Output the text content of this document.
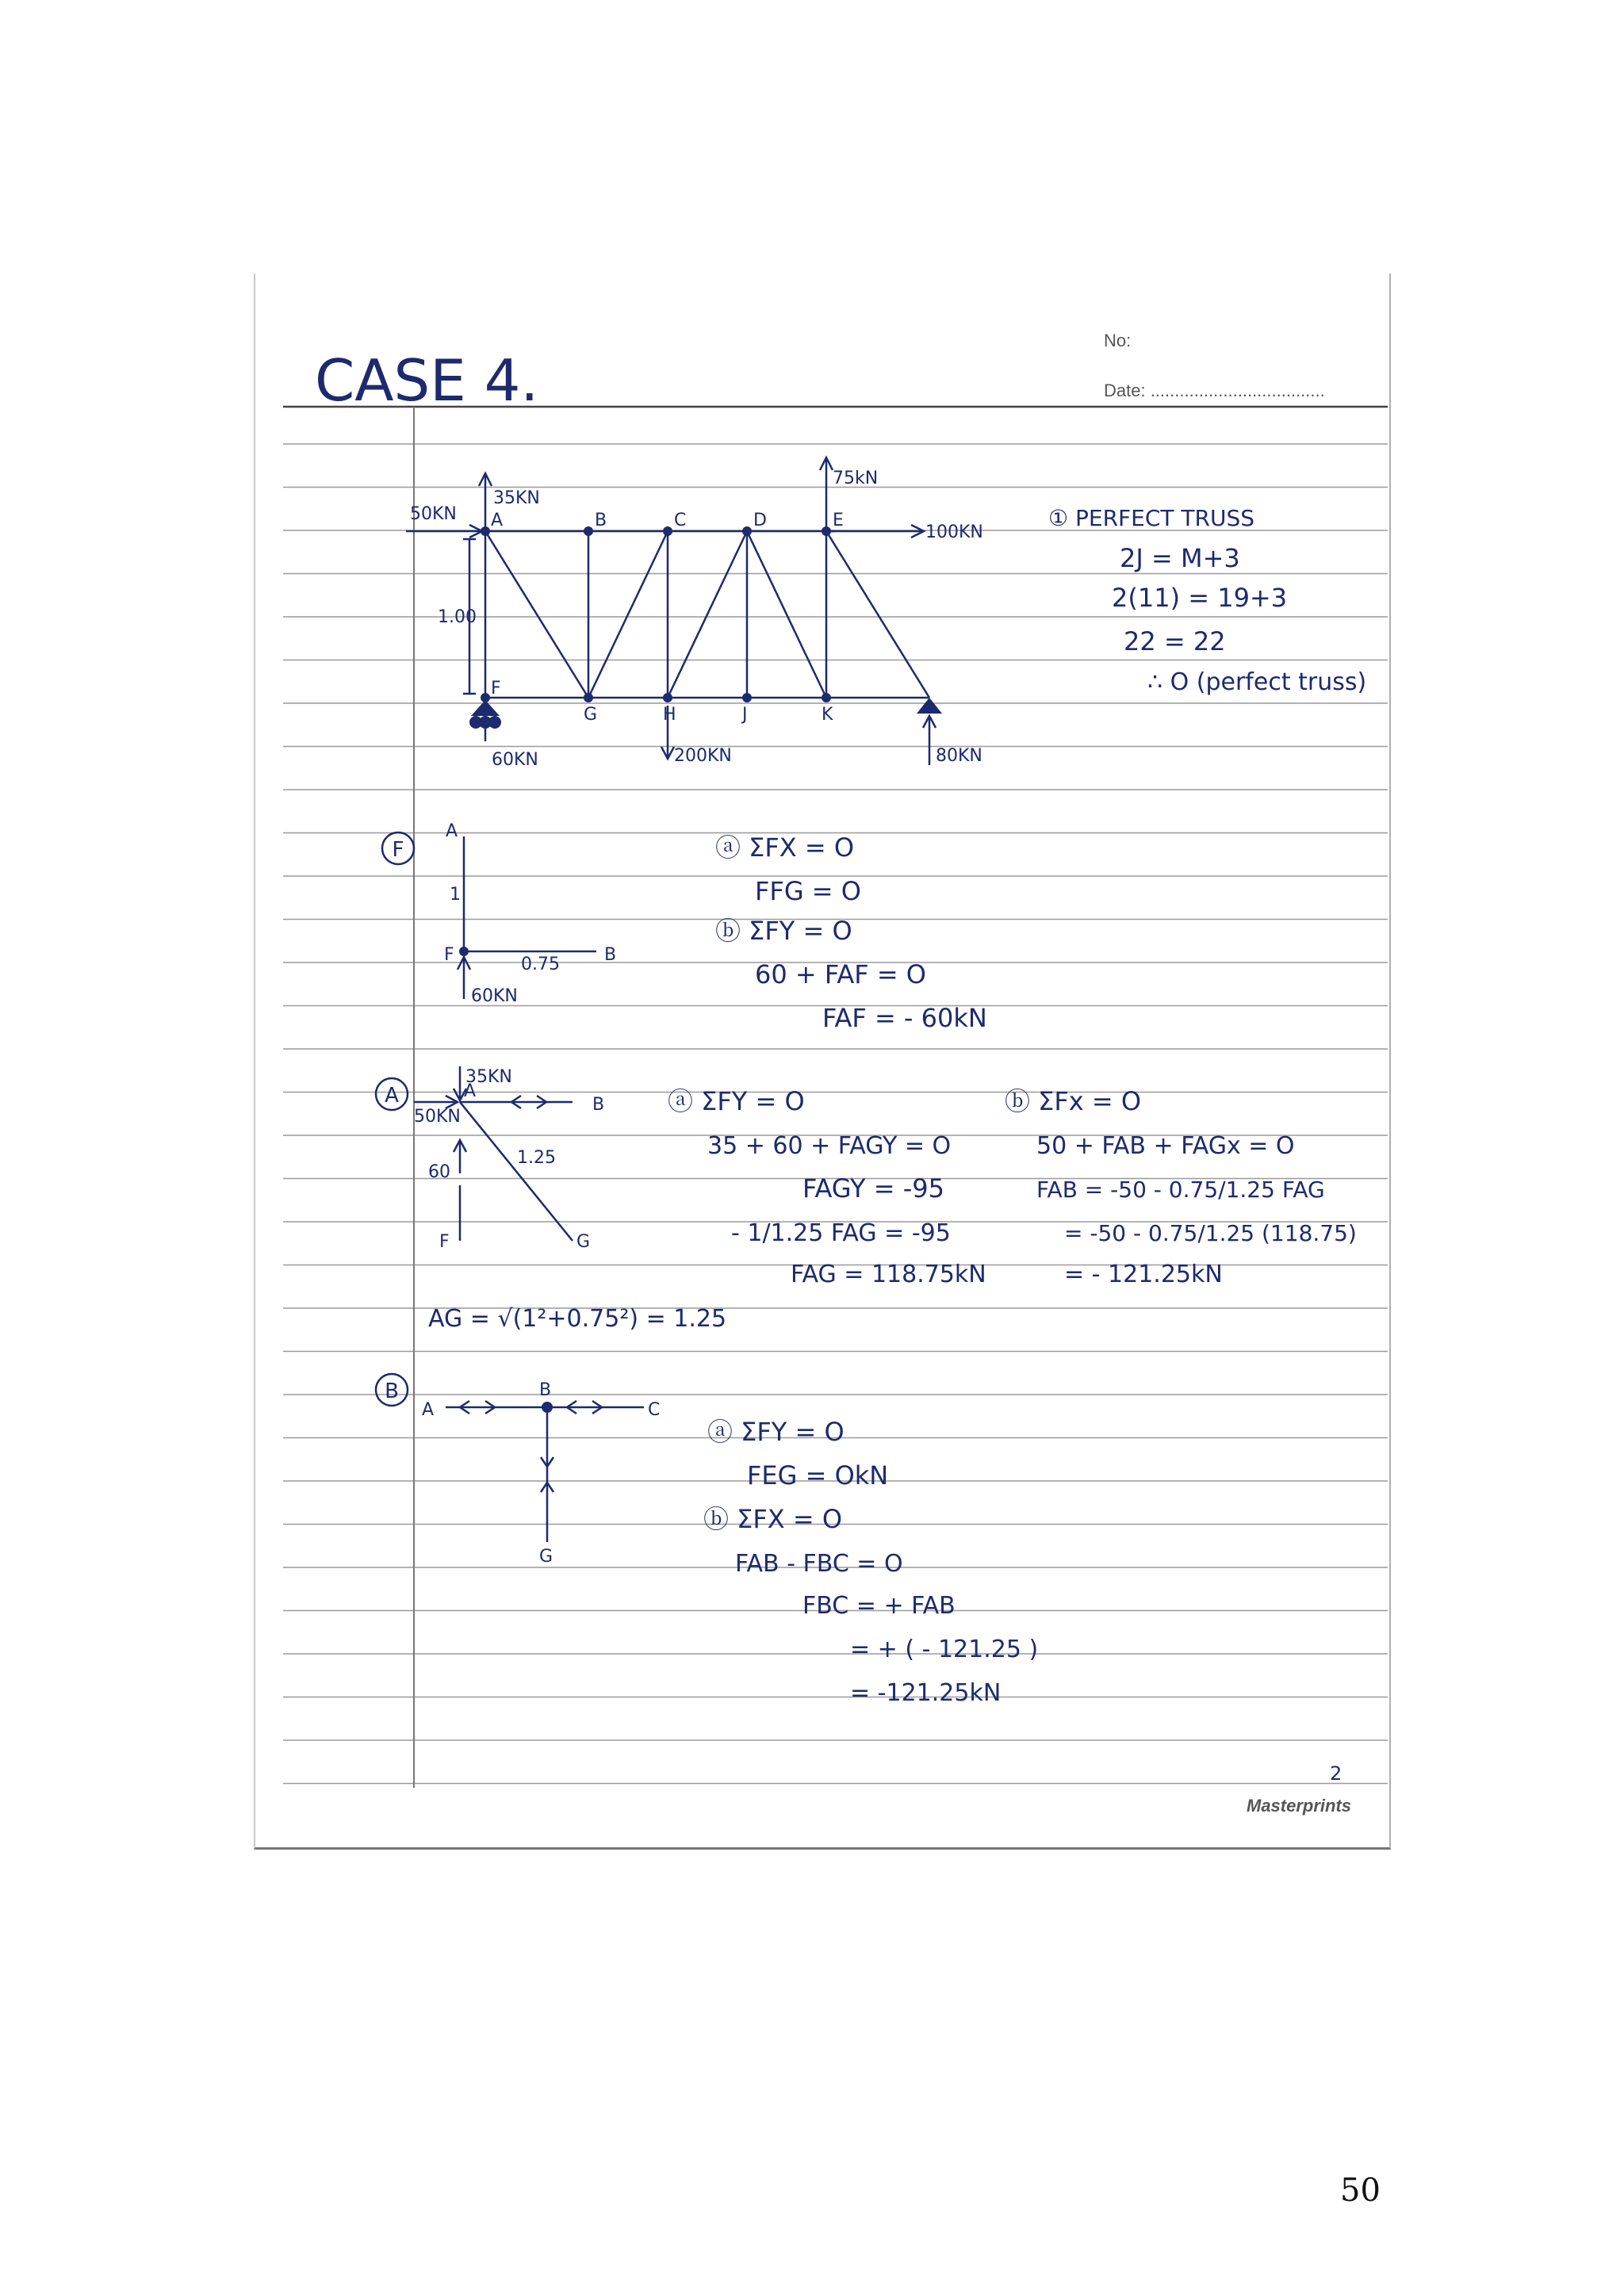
CASE 4.
No:
Date: ....................................
A	B	C	D	E
F
G	H	J	K
35KN
50KN
75kN
100KN
60KN	200KN	80KN
1.00
① PERFECT TRUSS
2J = M+3
2(11) = 19+3
22 = 22
∴ O (perfect truss)
F
A
F	B
0.75
1
60KN
ⓐ ΣFX = O
FFG = O
ⓑ ΣFY = O
60 + FAF = O
FAF = - 60kN
A
35KN
50KN
A
B
F	G
60
1.25
ⓐ ΣFY = O
35 + 60 + FAGY = O
FAGY = -95
- 1/1.25 FAG = -95
FAG = 118.75kN
ⓑ ΣFx = O
50 + FAB + FAGx = O
FAB = -50 - 0.75/1.25 FAG
= -50 - 0.75/1.25 (118.75)
= - 121.25kN
AG = √(1²+0.75²) = 1.25
B
A
B
C
G
ⓐ ΣFY = O
FEG = OkN
ⓑ ΣFX = O
FAB - FBC = O
FBC = + FAB
= + ( - 121.25 )
= -121.25kN
2
Masterprints
50
